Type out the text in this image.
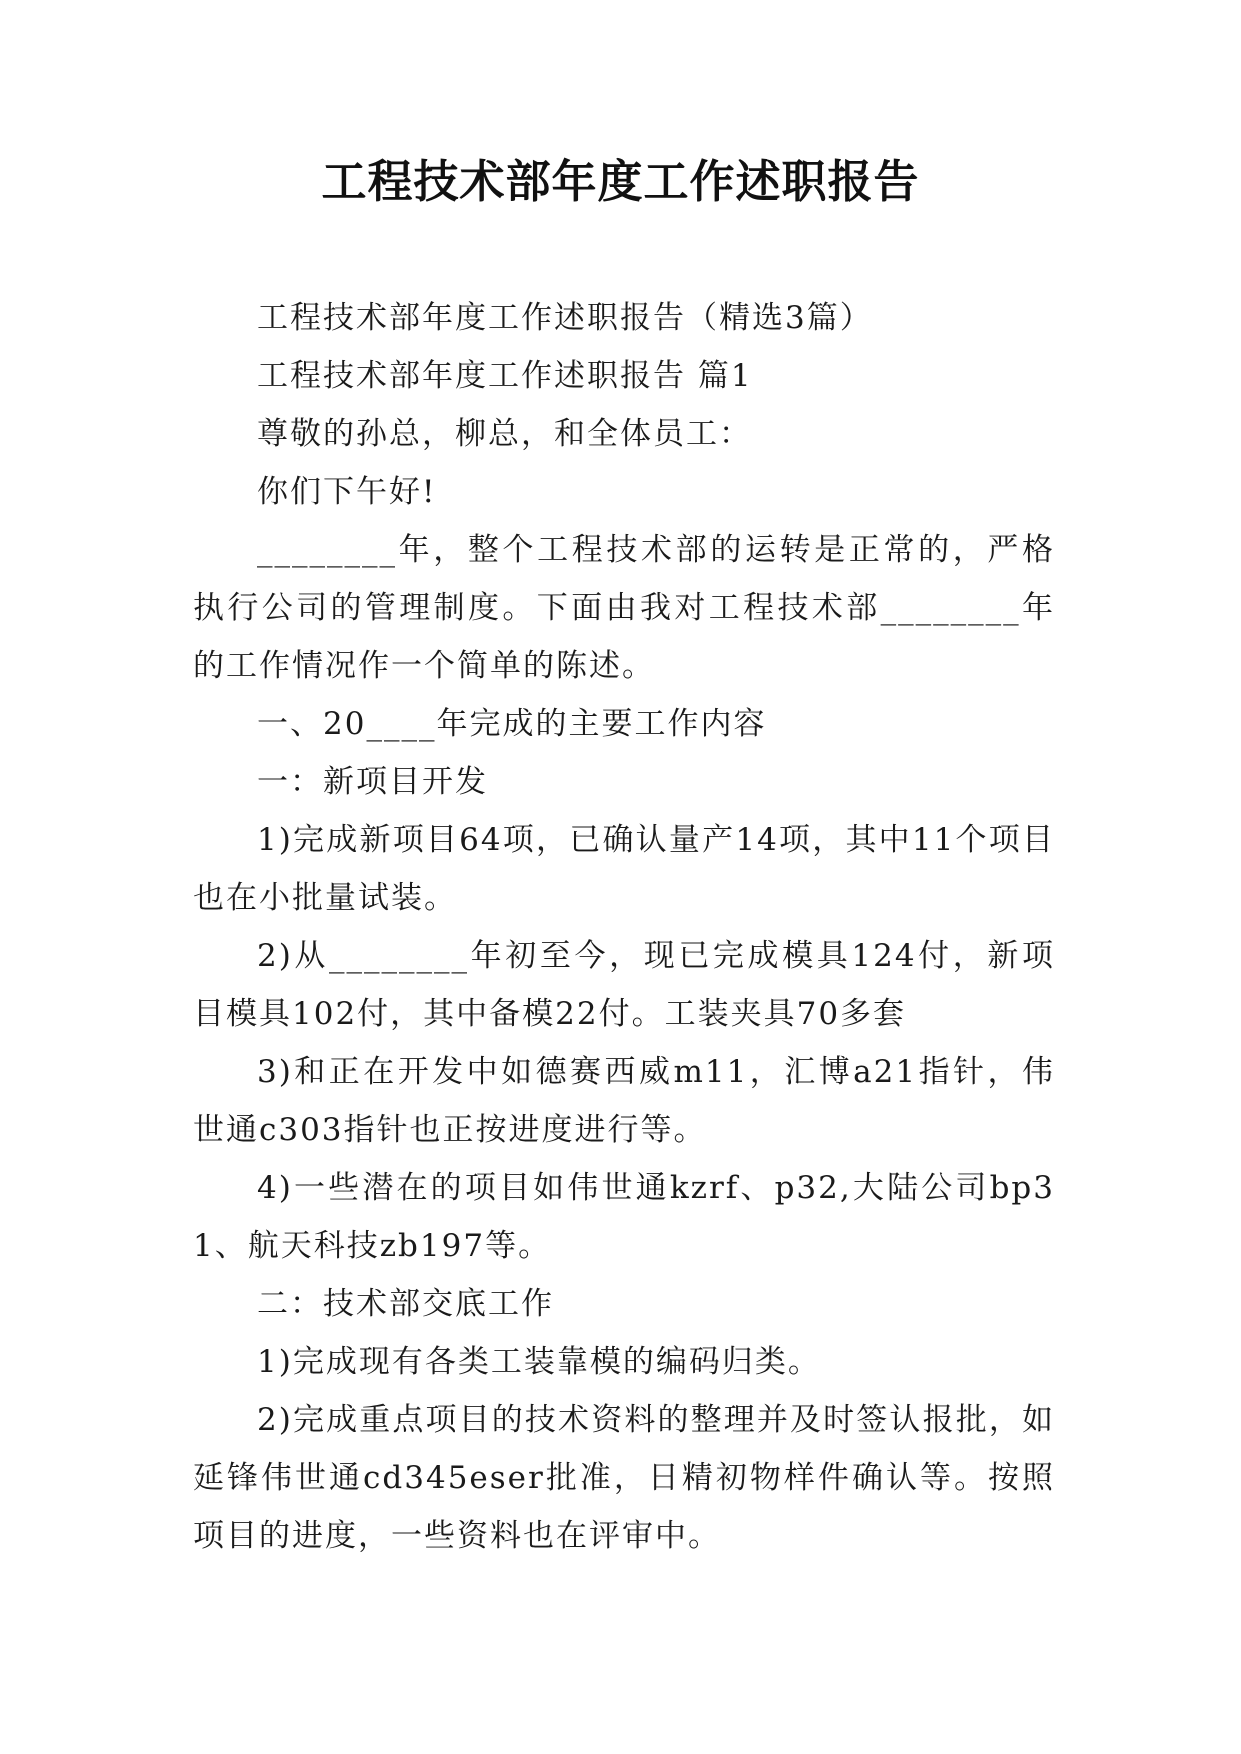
工程技术部年度工作述职报告

工程技术部年度工作述职报告（精选3篇）

工程技术部年度工作述职报告 篇1

尊敬的孙总，柳总，和全体员工：

你们下午好!

________年，整个工程技术部的运转是正常的，严格执行公司的管理制度。下面由我对工程技术部________年的工作情况作一个简单的陈述。

一、20____年完成的主要工作内容

一：新项目开发

1)完成新项目64项，已确认量产14项，其中11个项目也在小批量试装。

2)从________年初至今，现已完成模具124付，新项目模具102付，其中备模22付。工装夹具70多套

3)和正在开发中如德赛西威m11，汇博a21指针，伟世通c303指针也正按进度进行等。

4)一些潜在的项目如伟世通kzrf、p32,大陆公司bp31、航天科技zb197等。

二：技术部交底工作

1)完成现有各类工装靠模的编码归类。

2)完成重点项目的技术资料的整理并及时签认报批，如延锋伟世通cd345eser批准，日精初物样件确认等。按照项目的进度，一些资料也在评审中。
